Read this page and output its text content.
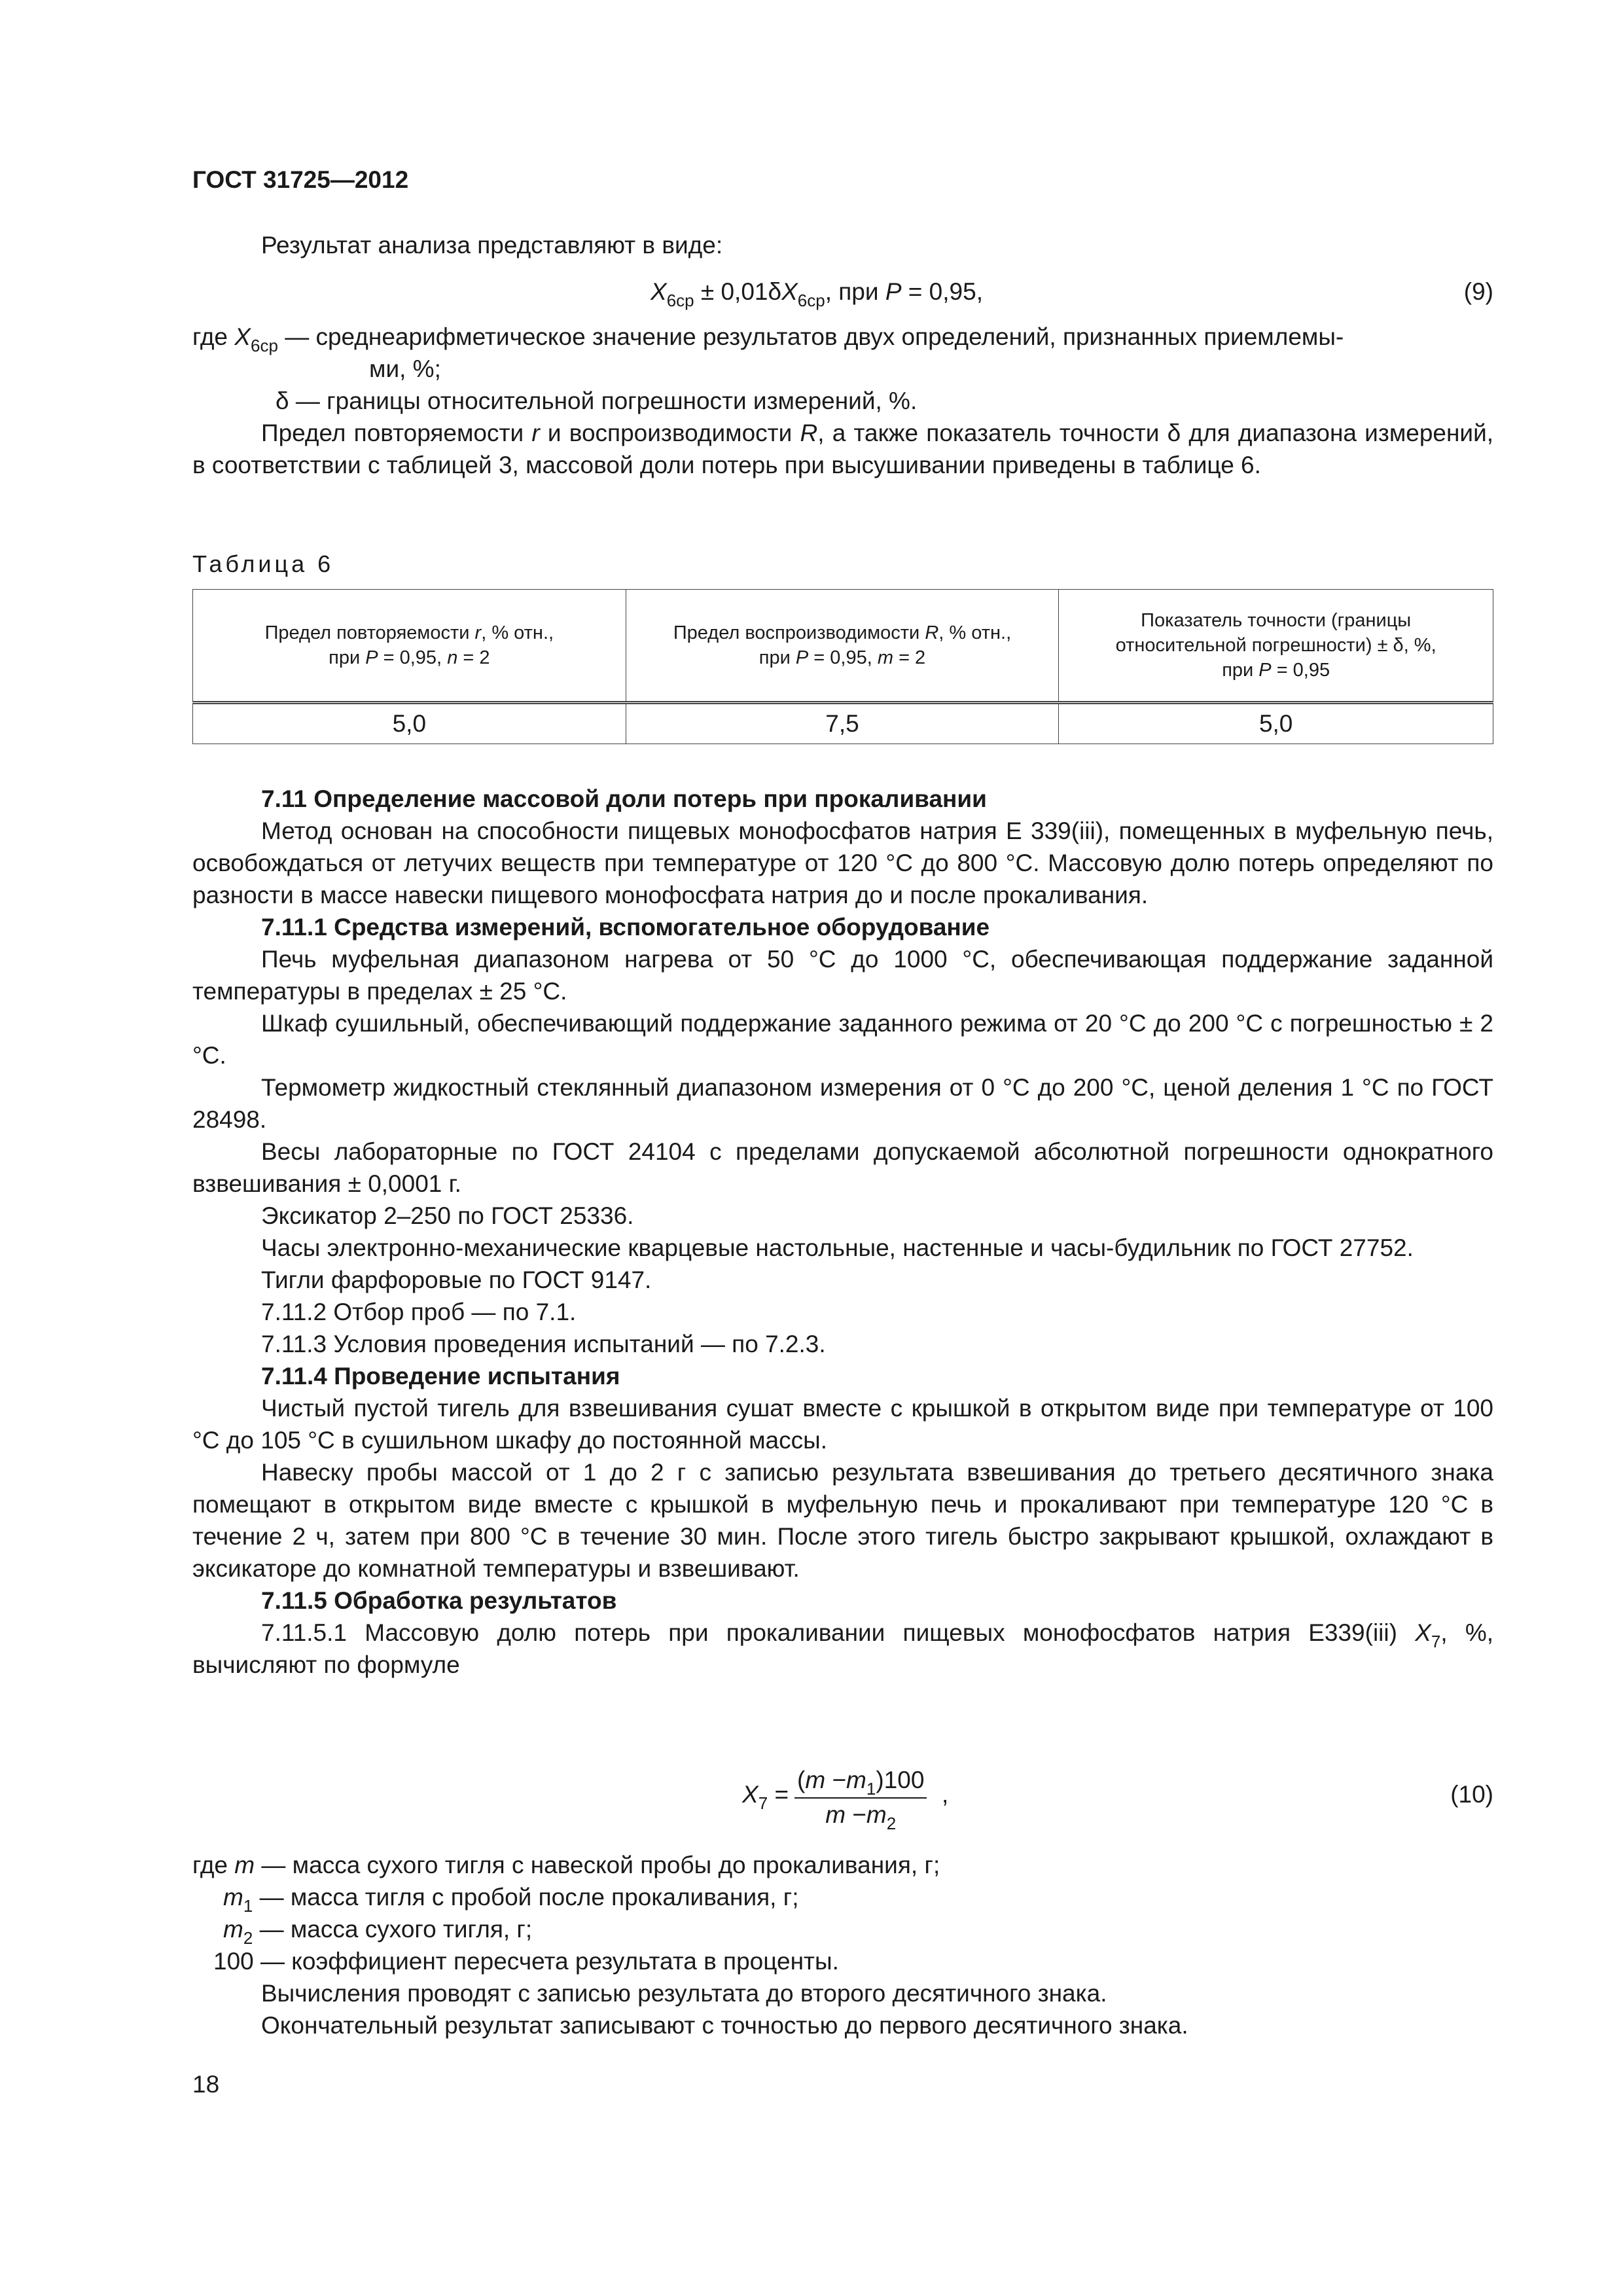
ГОСТ 31725—2012

Результат анализа представляют в виде:

$X_{6ср} \pm 0,01\delta X_{6ср}$, при P = 0,95,	(9)

где $X_{6ср}$ — среднеарифметическое значение результатов двух определений, признанных приемлемы-

ми, %;

δ — границы относительной погрешности измерений, %.

Предел повторяемости r и воспроизводимости R, а также показатель точности δ для диапазона измерений, в соответствии с таблицей 3, массовой доли потерь при высушивании приведены в таблице 6.

Таблица 6
Предел повторяемости r, % отн.,
при P = 0,95, n = 2	Предел воспроизводимости R, % отн.,
при P = 0,95, m = 2	Показатель точности (границы
относительной погрешности) ± δ, %,
при P = 0,95
5,0	7,5	5,0

7.11 Определение массовой доли потерь при прокаливании

Метод основан на способности пищевых монофосфатов натрия Е 339(iii), помещенных в муфельную печь, освобождаться от летучих веществ при температуре от 120 °С до 800 °С. Массовую долю потерь определяют по разности в массе навески пищевого монофосфата натрия до и после прокаливания.

7.11.1 Средства измерений, вспомогательное оборудование

Печь муфельная диапазоном нагрева от 50 °С до 1000 °С, обеспечивающая поддержание заданной температуры в пределах ± 25 °С.

Шкаф сушильный, обеспечивающий поддержание заданного режима от 20 °С до 200 °С с погрешностью ± 2 °С.

Термометр жидкостный стеклянный диапазоном измерения от 0 °С до 200 °С, ценой деления 1 °С по ГОСТ 28498.

Весы лабораторные по ГОСТ 24104 с пределами допускаемой абсолютной погрешности однократного взвешивания ± 0,0001 г.

Эксикатор 2–250 по ГОСТ 25336.

Часы электронно-механические кварцевые настольные, настенные и часы-будильник по ГОСТ 27752.

Тигли фарфоровые по ГОСТ 9147.

7.11.2 Отбор проб — по 7.1.

7.11.3 Условия проведения испытаний — по 7.2.3.

7.11.4 Проведение испытания

Чистый пустой тигель для взвешивания сушат вместе с крышкой в открытом виде при температуре от 100 °С до 105 °С в сушильном шкафу до постоянной массы.

Навеску пробы массой от 1 до 2 г с записью результата взвешивания до третьего десятичного знака помещают в открытом виде вместе с крышкой в муфельную печь и прокаливают при температуре 120 °С в течение 2 ч, затем при 800 °С в течение 30 мин. После этого тигель быстро закрывают крышкой, охлаждают в эксикаторе до комнатной температуры и взвешивают.

7.11.5 Обработка результатов

7.11.5.1 Массовую долю потерь при прокаливании пищевых монофосфатов натрия Е339(iii) $X_7$, %, вычисляют по формуле

$X_7 = \frac{(m -m_1)100}{m -m_2}$ ,	(10)

где m — масса сухого тигля с навеской пробы до прокаливания, г;

$m_1$ — масса тигля с пробой после прокаливания, г;

$m_2$ — масса сухого тигля, г;

100 — коэффициент пересчета результата в проценты.

Вычисления проводят с записью результата до второго десятичного знака.

Окончательный результат записывают с точностью до первого десятичного знака.

18
